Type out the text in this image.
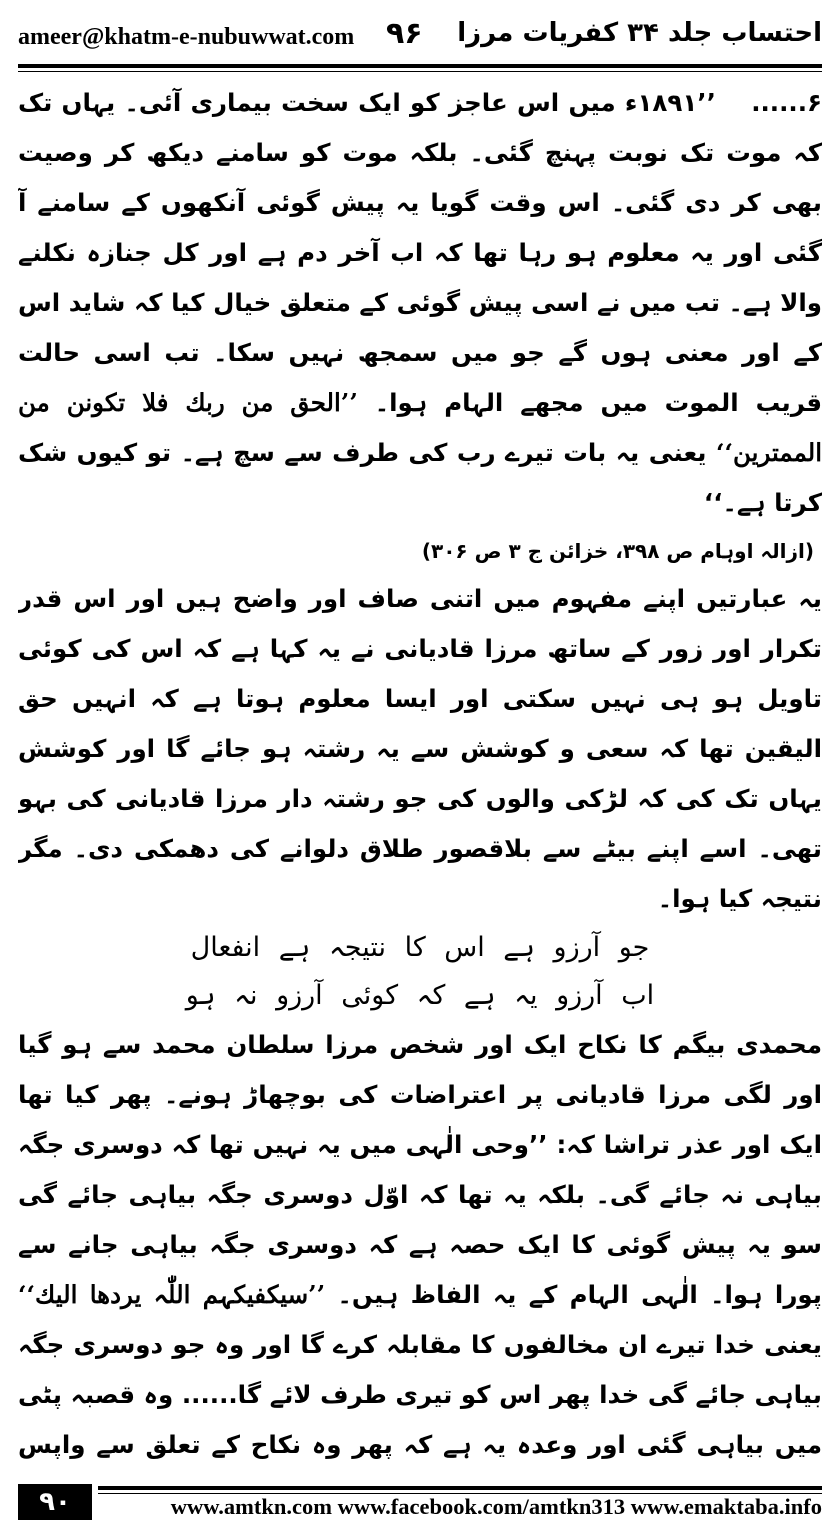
ameer@khatm-e-nubuwwat.com ۹۶ احتساب جلد ۳۴ کفریات مرزا

۶...... ’’۱۸۹۱ء میں اس عاجز کو ایک سخت بیماری آئی۔ یہاں تک کہ موت تک نوبت پہنچ گئی۔ بلکہ موت کو سامنے دیکھ کر وصیت بھی کر دی گئی۔ اس وقت گویا یہ پیش گوئی آنکھوں کے سامنے آ گئی اور یہ معلوم ہو رہا تھا کہ اب آخر دم ہے اور کل جنازہ نکلنے والا ہے۔ تب میں نے اسی پیش گوئی کے متعلق خیال کیا کہ شاید اس کے اور معنی ہوں گے جو میں سمجھ نہیں سکا۔ تب اسی حالت قریب الموت میں مجھے الہام ہوا۔ ’’الحق من ربك فلا تكونن من الممترين‘‘ یعنی یہ بات تیرے رب کی طرف سے سچ ہے۔ تو کیوں شک کرتا ہے۔‘‘

(ازالہ اوہام ص ۳۹۸، خزائن ج ۳ ص ۳۰۶)

یہ عبارتیں اپنے مفہوم میں اتنی صاف اور واضح ہیں اور اس قدر تکرار اور زور کے ساتھ مرزا قادیانی نے یہ کہا ہے کہ اس کی کوئی تاویل ہو ہی نہیں سکتی اور ایسا معلوم ہوتا ہے کہ انہیں حق الیقین تھا کہ سعی و کوشش سے یہ رشتہ ہو جائے گا اور کوشش یہاں تک کی کہ لڑکی والوں کی جو رشتہ دار مرزا قادیانی کی بہو تھی۔ اسے اپنے بیٹے سے بلاقصور طلاق دلوانے کی دھمکی دی۔ مگر نتیجہ کیا ہوا۔

جو آرزو ہے اس کا نتیجہ ہے انفعال

اب آرزو یہ ہے کہ کوئی آرزو نہ ہو

محمدی بیگم کا نکاح ایک اور شخص مرزا سلطان محمد سے ہو گیا اور لگی مرزا قادیانی پر اعتراضات کی بوچھاڑ ہونے۔ پھر کیا تھا ایک اور عذر تراشا کہ: ’’وحی الٰہی میں یہ نہیں تھا کہ دوسری جگہ بیاہی نہ جائے گی۔ بلکہ یہ تھا کہ اوّل دوسری جگہ بیاہی جائے گی سو یہ پیش گوئی کا ایک حصہ ہے کہ دوسری جگہ بیاہی جانے سے پورا ہوا۔ الٰہی الہام کے یہ الفاظ ہیں۔ ’’سیکفیکہم اللّٰہ یردھا الیك‘‘ یعنی خدا تیرے ان مخالفوں کا مقابلہ کرے گا اور وہ جو دوسری جگہ بیاہی جائے گی خدا پھر اس کو تیری طرف لائے گا...... وہ قصبہ پٹی میں بیاہی گئی اور وعدہ یہ ہے کہ پھر وہ نکاح کے تعلق سے واپس

۹۰	www.amtkn.com www.facebook.com/amtkn313 www.emaktaba.info
